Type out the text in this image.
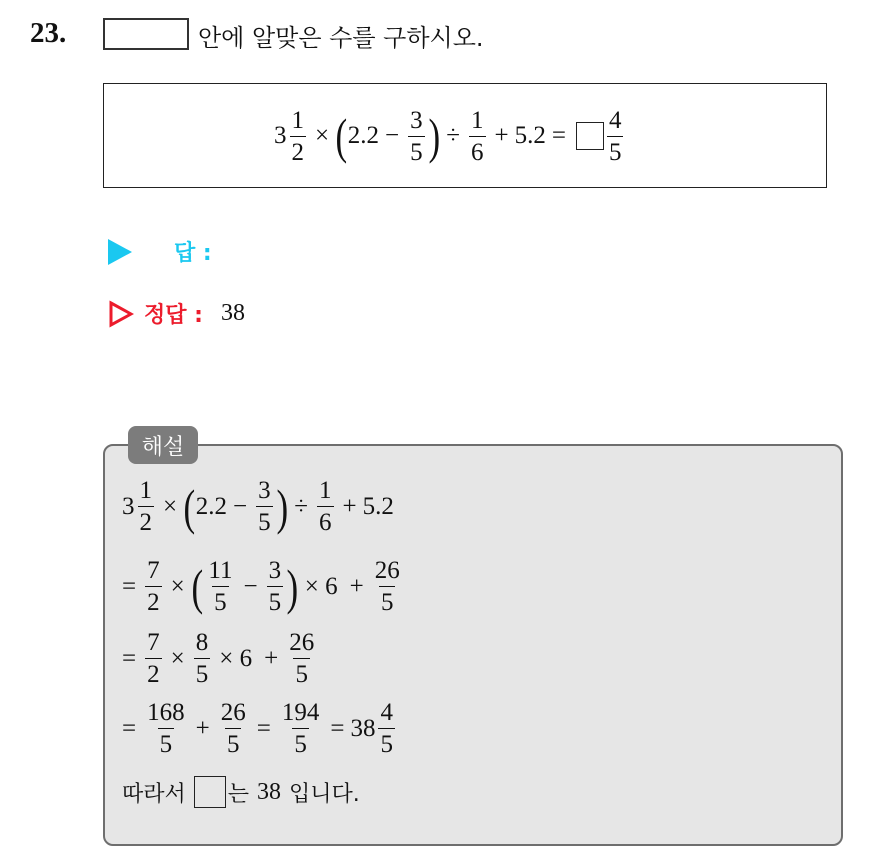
23.	안에 알맞은 수를 구하시오.
$3 \frac{1}{2}$ × ( $2.2 - \frac{3}{5}$ ) ÷ $\frac{1}{6} + 5.2 = \frac{4}{5}$
답 :
정답 : 38
해설
$3 \frac{1}{2}$ × ( $2.2 - \frac{3}{5}$ ) ÷ $\frac{1}{6} + 5.2$
= $\frac{7}{2}$ × ( $\frac{11}{5} - \frac{3}{5}$ ) × $6 + \frac{26}{5}$
= $\frac{7}{2} \times \frac{8}{5} \times 6 + \frac{26}{5}$
= $\frac{168}{5} + \frac{26}{5} = \frac{194}{5} = 38 \frac{4}{5}$
따라서 는 38 입니다.
